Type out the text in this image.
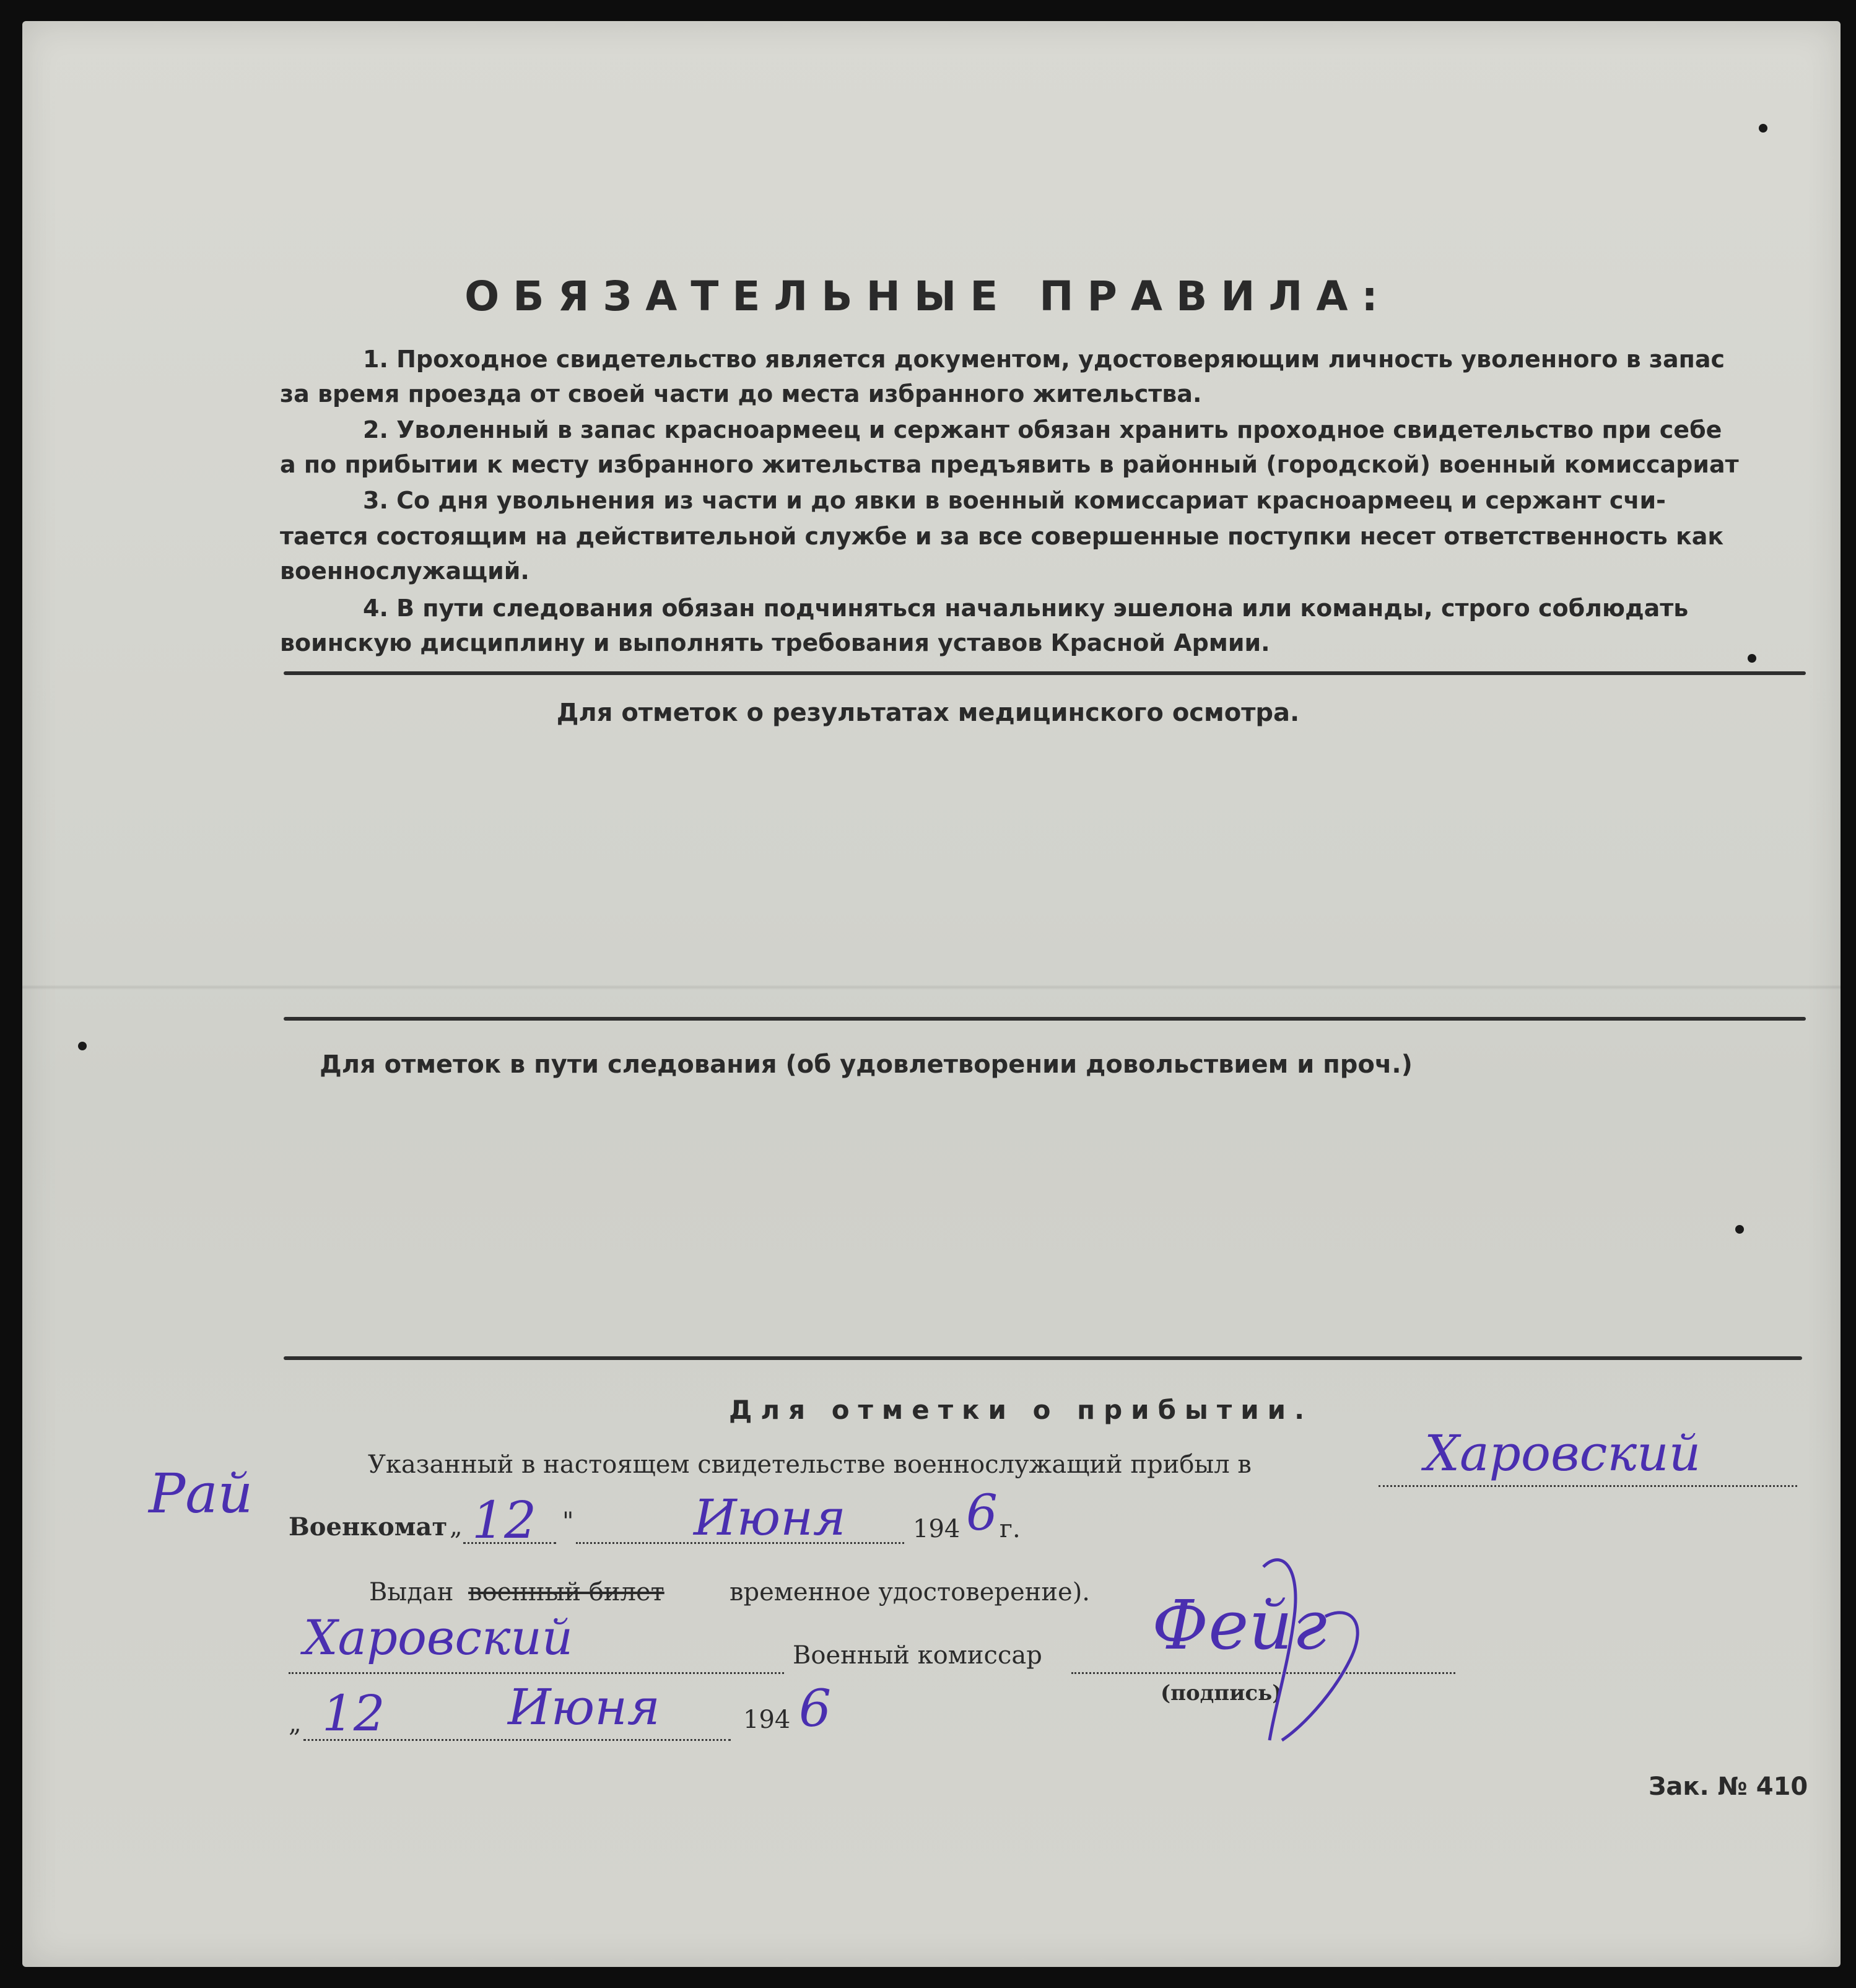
ОБЯЗАТЕЛЬНЫЕ ПРАВИЛА:
1. Проходное свидетельство является документом, удостоверяющим личность уволенного в запас
за время проезда от своей части до места избранного жительства.
2. Уволенный в запас красноармеец и сержант обязан хранить проходное свидетельство при себе
а по прибытии к месту избранного жительства предъявить в районный (городской) военный комиссариат
3. Со дня увольнения из части и до явки в военный комиссариат красноармеец и сержант счи-
тается состоящим на действительной службе и за все совершенные поступки несет ответственность как
военнослужащий.
4. В пути следования обязан подчиняться начальнику эшелона или команды, строго соблюдать
воинскую дисциплину и выполнять требования уставов Красной Армии.
Для отметок о результатах медицинского осмотра.
Для отметок в пути следования (об удовлетворении довольствием и проч.)
Для отметки о прибытии.
Указанный в настоящем свидетельстве военнослужащий прибыл в	Харовский
Рай
Военкомат „ 12 " Июня	194 6 г.
Выдан военный билет	временное удостоверение).
Харовский	Военный комиссар Фейг
(подпись)
„ 12 Июня	194 6
Зак. № 410
